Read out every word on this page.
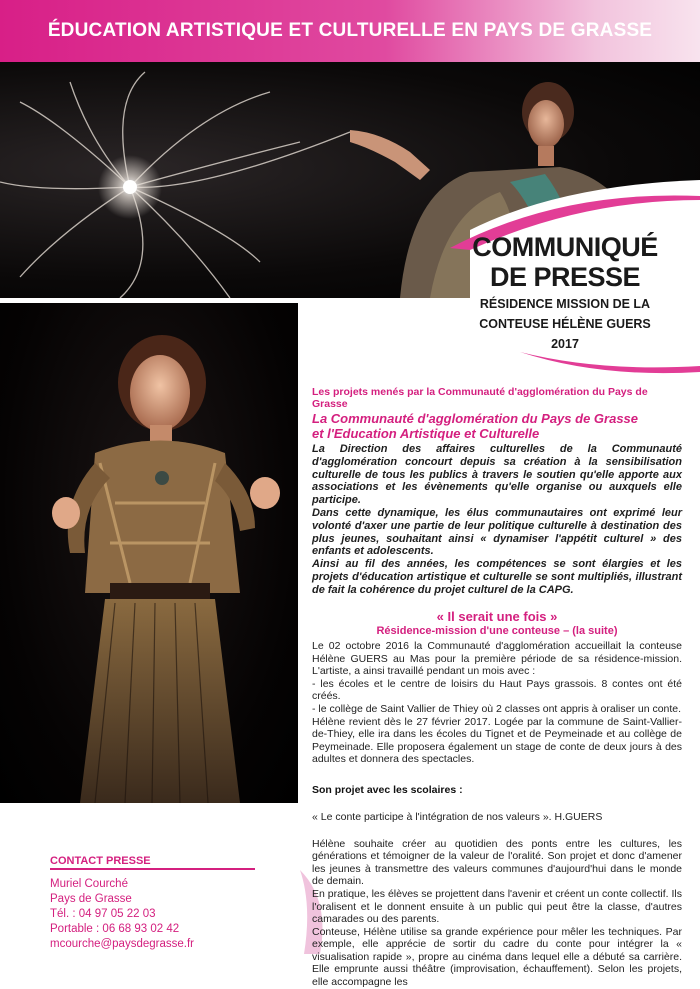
ÉDUCATION ARTISTIQUE ET CULTURELLE EN PAYS DE GRASSE
COMMUNIQUÉ
DE PRESSE
RÉSIDENCE MISSION DE LA
CONTEUSE HÉLÈNE GUERS
2017
Les projets menés par la Communauté d'agglomération du Pays de Grasse
La Communauté d'agglomération du Pays de Grasse
et l'Education Artistique et Culturelle
La Direction des affaires culturelles de la Communauté d'agglomération concourt depuis sa création à la sensibilisation culturelle de tous les publics à travers le soutien qu'elle apporte aux associations et les évènements qu'elle organise ou auxquels elle participe.
Dans cette dynamique, les élus communautaires ont exprimé leur volonté d'axer une partie de leur politique culturelle à destination des plus jeunes, souhaitant ainsi « dynamiser l'appétit culturel » des enfants et adolescents.
Ainsi au fil des années, les compétences se sont élargies et les projets d'éducation artistique et culturelle se sont multipliés, illustrant de fait la cohérence du projet culturel de la CAPG.
« Il serait une fois »
Résidence-mission d'une conteuse – (la suite)

Le 02 octobre 2016 la Communauté d'agglomération accueillait la conteuse Hélène GUERS au Mas pour la première période de sa résidence-mission. L'artiste, a ainsi travaillé pendant un mois avec :

- les écoles et le centre de loisirs du Haut Pays grassois. 8 contes ont été créés.

- le collège de Saint Vallier de Thiey où 2 classes ont appris à oraliser un conte.

Hélène revient dès le 27 février 2017. Logée par la commune de Saint-Vallier-de-Thiey, elle ira dans les écoles du Tignet et de Peymeinade et au collège de Peymeinade. Elle proposera également un stage de conte de deux jours à des adultes et donnera des spectacles.

Son projet avec les scolaires :
« Le conte participe à l'intégration de nos valeurs ». H.GUERS

Hélène souhaite créer au quotidien des ponts entre les cultures, les générations et témoigner de la valeur de l'oralité. Son projet et donc d'amener les jeunes à transmettre des valeurs communes d'aujourd'hui dans le monde de demain.

En pratique, les élèves se projettent dans l'avenir et créent un conte collectif. Ils l'oralisent et le donnent ensuite à un public qui peut être la classe, d'autres camarades ou des parents.

Conteuse, Hélène utilise sa grande expérience pour mêler les techniques. Par exemple, elle apprécie de sortir du cadre du conte pour intégrer la « visualisation rapide », propre au cinéma dans lequel elle a débuté sa carrière. Elle emprunte aussi théâtre (improvisation, échauffement). Selon les projets, elle accompagne les

CONTACT PRESSE
Muriel Courché
Pays de Grasse
Tél. : 04 97 05 22 03
Portable : 06 68 93 02 42
mcourche@paysdegrasse.fr
